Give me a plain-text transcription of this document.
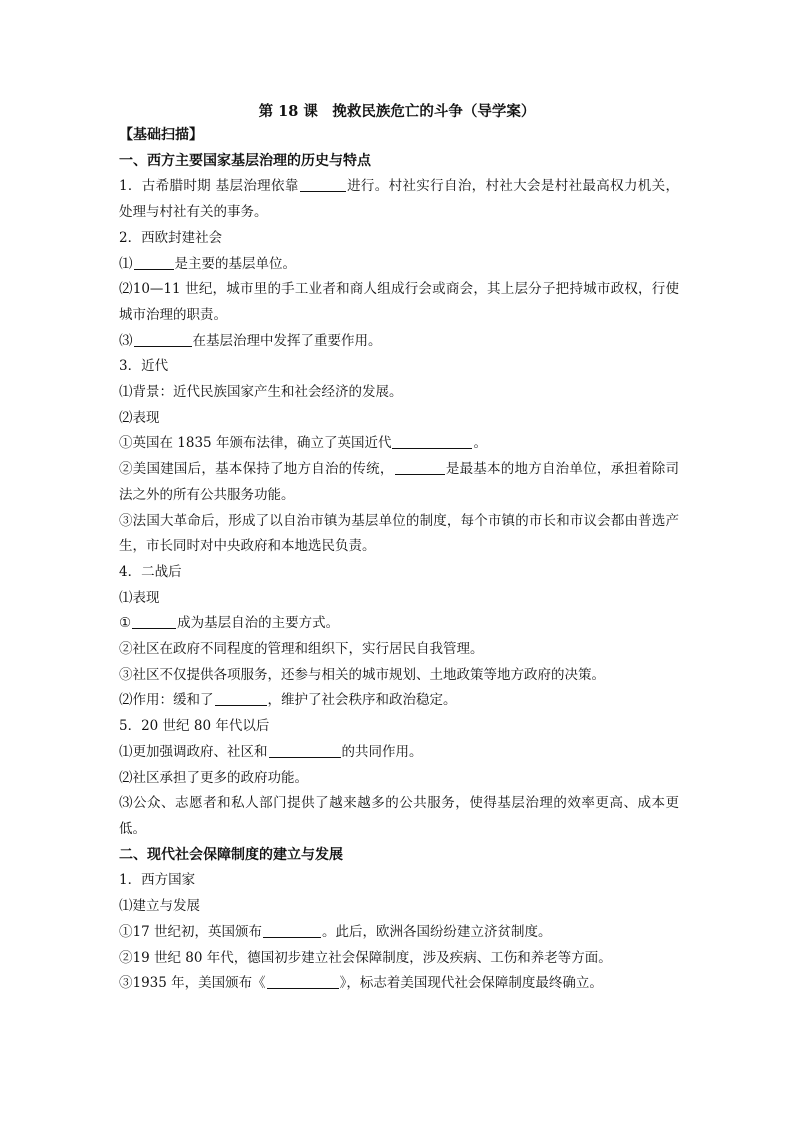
第 18 课　挽救民族危亡的斗争（导学案）
【基础扫描】
一、西方主要国家基层治理的历史与特点
1．古希腊时期 基层治理依靠	进行。村社实行自治，村社大会是村社最高权力机关，处理与村社有关的事务。
2．西欧封建社会
⑴	是主要的基层单位。
⑵10—11 世纪，城市里的手工业者和商人组成行会或商会，其上层分子把持城市政权，行使城市治理的职责。
⑶	在基层治理中发挥了重要作用。
3．近代
⑴背景：近代民族国家产生和社会经济的发展。
⑵表现
①英国在 1835 年颁布法律，确立了英国近代	。
②美国建国后，基本保持了地方自治的传统，	是最基本的地方自治单位，承担着除司法之外的所有公共服务功能。
③法国大革命后，形成了以自治市镇为基层单位的制度，每个市镇的市长和市议会都由普选产生，市长同时对中央政府和本地选民负责。
4．二战后
⑴表现
①	成为基层自治的主要方式。
②社区在政府不同程度的管理和组织下，实行居民自我管理。
③社区不仅提供各项服务，还参与相关的城市规划、土地政策等地方政府的决策。
⑵作用：缓和了	，维护了社会秩序和政治稳定。
5．20 世纪 80 年代以后
⑴更加强调政府、社区和	的共同作用。
⑵社区承担了更多的政府功能。
⑶公众、志愿者和私人部门提供了越来越多的公共服务，使得基层治理的效率更高、成本更低。
二、现代社会保障制度的建立与发展
1．西方国家
⑴建立与发展
①17 世纪初，英国颁布	。此后，欧洲各国纷纷建立济贫制度。
②19 世纪 80 年代，德国初步建立社会保障制度，涉及疾病、工伤和养老等方面。
③1935 年，美国颁布《	》，标志着美国现代社会保障制度最终确立。
